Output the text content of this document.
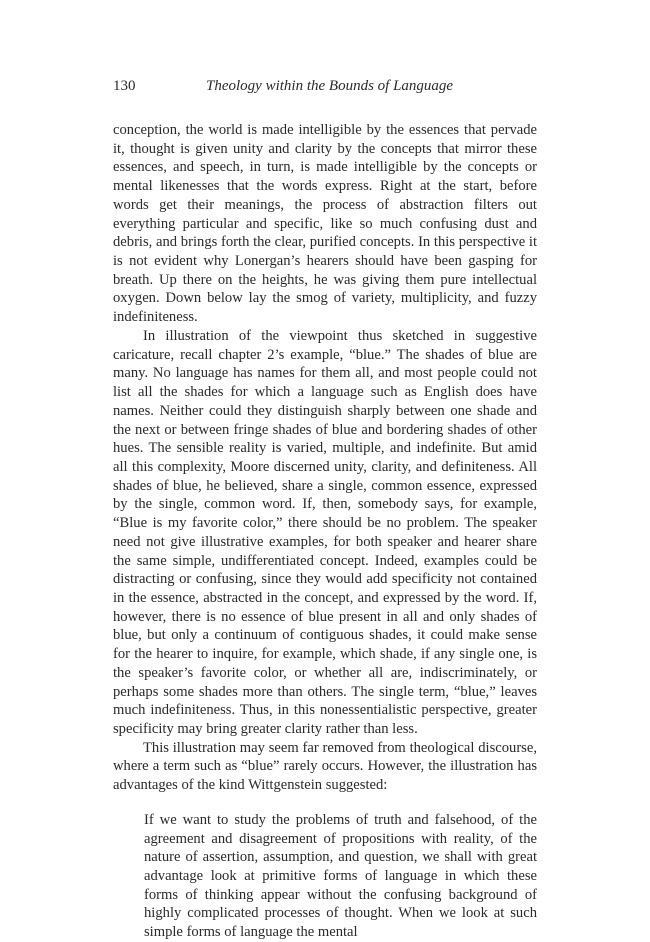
130	Theology within the Bounds of Language

conception, the world is made intelligible by the essences that pervade it, thought is given unity and clarity by the concepts that mirror these essences, and speech, in turn, is made intelligible by the concepts or mental likenesses that the words express. Right at the start, before words get their meanings, the process of abstraction filters out everything particular and specific, like so much confusing dust and debris, and brings forth the clear, purified concepts. In this perspective it is not evident why Lonergan’s hearers should have been gasping for breath. Up there on the heights, he was giving them pure intellectual oxygen. Down below lay the smog of variety, multiplicity, and fuzzy indefiniteness.

In illustration of the viewpoint thus sketched in suggestive caricature, recall chapter 2’s example, “blue.” The shades of blue are many. No language has names for them all, and most people could not list all the shades for which a language such as English does have names. Neither could they distinguish sharply between one shade and the next or between fringe shades of blue and bordering shades of other hues. The sensible reality is varied, multiple, and indefinite. But amid all this complexity, Moore discerned unity, clarity, and definiteness. All shades of blue, he believed, share a single, common essence, expressed by the single, common word. If, then, somebody says, for example, “Blue is my favorite color,” there should be no problem. The speaker need not give illustrative examples, for both speaker and hearer share the same simple, undifferentiated concept. Indeed, examples could be distracting or confusing, since they would add specificity not contained in the essence, abstracted in the concept, and expressed by the word. If, however, there is no essence of blue present in all and only shades of blue, but only a continuum of contiguous shades, it could make sense for the hearer to inquire, for example, which shade, if any single one, is the speaker’s favorite color, or whether all are, indiscriminately, or perhaps some shades more than others. The single term, “blue,” leaves much indefiniteness. Thus, in this nonessentialistic perspective, greater specificity may bring greater clarity rather than less.

This illustration may seem far removed from theological discourse, where a term such as “blue” rarely occurs. However, the illustration has advantages of the kind Wittgenstein suggested:

If we want to study the problems of truth and falsehood, of the agreement and disagreement of propositions with reality, of the nature of assertion, assumption, and question, we shall with great advantage look at primitive forms of language in which these forms of thinking appear without the confusing background of highly complicated processes of thought. When we look at such simple forms of language the mental
